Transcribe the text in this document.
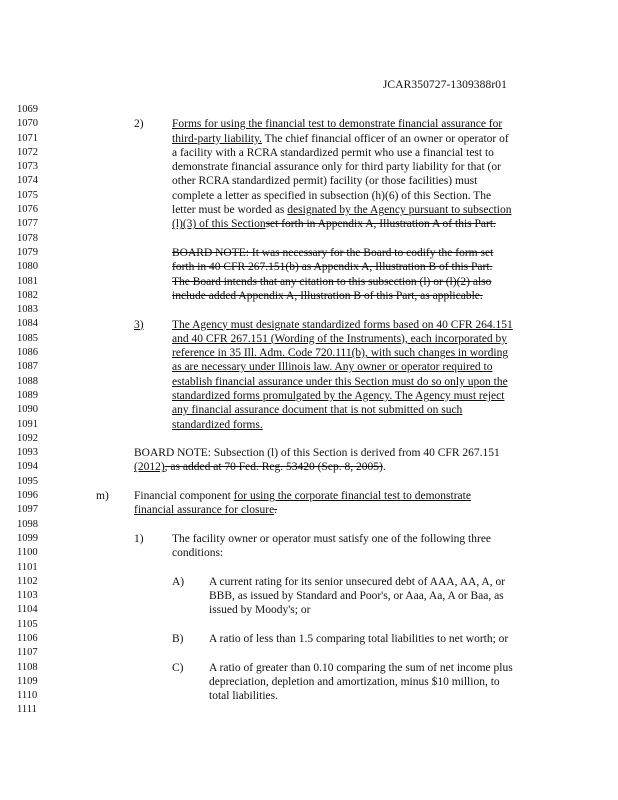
JCAR350727-1309388r01
1069
1070
1071
1072
1073
1074
1075
1076
1077
1078
1079
1080
1081
1082
1083
1084
1085
1086
1087
1088
1089
1090
1091
1092
1093
1094
1095
1096
1097
1098
1099
1100
1101
1102
1103
1104
1105
1106
1107
1108
1109
1110
1111
2) Forms for using the financial test to demonstrate financial assurance for
third-party liability. The chief financial officer of an owner or operator of
a facility with a RCRA standardized permit who use a financial test to
demonstrate financial assurance only for third party liability for that (or
other RCRA standardized permit) facility (or those facilities) must
complete a letter as specified in subsection (h)(6) of this Section. The
letter must be worded as designated by the Agency pursuant to subsection
(l)(3) of this Sectionset forth in Appendix A, Illustration A of this Part.
BOARD NOTE: It was necessary for the Board to codify the form set
forth in 40 CFR 267.151(b) as Appendix A, Illustration B of this Part.
The Board intends that any citation to this subsection (l) or (l)(2) also
include added Appendix A, Illustration B of this Part, as applicable.
3) The Agency must designate standardized forms based on 40 CFR 264.151
and 40 CFR 267.151 (Wording of the Instruments), each incorporated by
reference in 35 Ill. Adm. Code 720.111(b), with such changes in wording
as are necessary under Illinois law. Any owner or operator required to
establish financial assurance under this Section must do so only upon the
standardized forms promulgated by the Agency. The Agency must reject
any financial assurance document that is not submitted on such
standardized forms.
BOARD NOTE: Subsection (l) of this Section is derived from 40 CFR 267.151
(2012), as added at 70 Fed. Reg. 53420 (Sep. 8, 2005).
m) Financial component for using the corporate financial test to demonstrate
financial assurance for closure.
1) The facility owner or operator must satisfy one of the following three
conditions:
A) A current rating for its senior unsecured debt of AAA, AA, A, or
BBB, as issued by Standard and Poor's, or Aaa, Aa, A or Baa, as
issued by Moody's; or
B) A ratio of less than 1.5 comparing total liabilities to net worth; or
C) A ratio of greater than 0.10 comparing the sum of net income plus
depreciation, depletion and amortization, minus $10 million, to
total liabilities.
